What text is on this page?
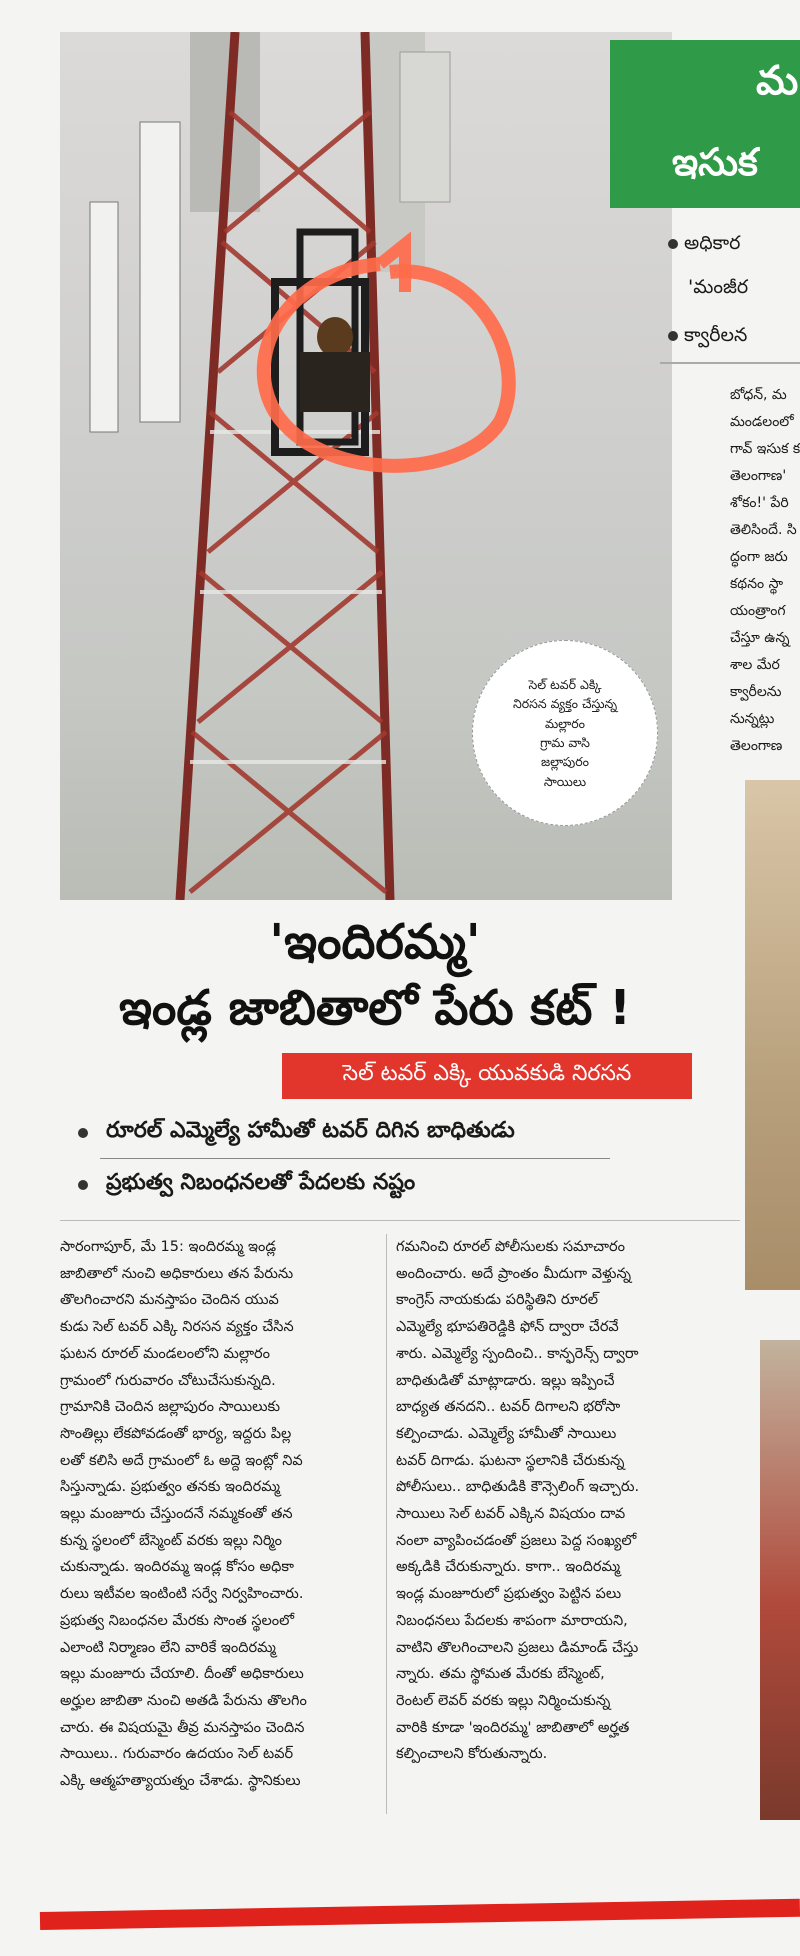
సెల్ టవర్ ఎక్కి
నిరసన వ్యక్తం చేస్తున్న
మల్లారం
గ్రామ వాసి
జల్లాపురం
సాయిలు
మ
ఇసుక
అధికార
'మంజీర
క్వారీలన
బోధన్, మ
మండలంలో
గావ్ ఇసుక క
తెలంగాణ'
శోకం!' పేరి
తెలిసిందే. సి
ద్ధంగా జరు
కథనం స్థా
యంత్రాంగ
చేస్తూ ఉన్న
శాల మేర
క్వారీలను
నున్నట్లు
తెలంగాణ
'ఇందిరమ్మ'
ఇండ్ల జాబితాలో పేరు కట్ !
సెల్ టవర్ ఎక్కి యువకుడి నిరసన
రూరల్ ఎమ్మెల్యే హామీతో టవర్ దిగిన బాధితుడు
ప్రభుత్వ నిబంధనలతో పేదలకు నష్టం
సారంగాపూర్, మే 15: ఇందిరమ్మ ఇండ్ల
జాబితాలో నుంచి అధికారులు తన పేరును
తొలగించారని మనస్తాపం చెందిన యువ
కుడు సెల్ టవర్ ఎక్కి నిరసన వ్యక్తం చేసిన
ఘటన రూరల్ మండలంలోని మల్లారం
గ్రామంలో గురువారం చోటుచేసుకున్నది.
గ్రామానికి చెందిన జల్లాపురం సాయిలుకు
సొంతిల్లు లేకపోవడంతో భార్య, ఇద్దరు పిల్ల
లతో కలిసి అదే గ్రామంలో ఓ అద్దె ఇంట్లో నివ
సిస్తున్నాడు. ప్రభుత్వం తనకు ఇందిరమ్మ
ఇల్లు మంజూరు చేస్తుందనే నమ్మకంతో తన
కున్న స్థలంలో బేస్మెంట్ వరకు ఇల్లు నిర్మిం
చుకున్నాడు. ఇందిరమ్మ ఇండ్ల కోసం అధికా
రులు ఇటీవల ఇంటింటి సర్వే నిర్వహించారు.
ప్రభుత్వ నిబంధనల మేరకు సొంత స్థలంలో
ఎలాంటి నిర్మాణం లేని వారికే ఇందిరమ్మ
ఇల్లు మంజూరు చేయాలి. దీంతో అధికారులు
అర్హుల జాబితా నుంచి అతడి పేరును తొలగిం
చారు. ఈ విషయమై తీవ్ర మనస్తాపం చెందిన
సాయిలు.. గురువారం ఉదయం సెల్ టవర్
ఎక్కి ఆత్మహత్యాయత్నం చేశాడు. స్థానికులు
గమనించి రూరల్ పోలీసులకు సమాచారం
అందించారు. అదే ప్రాంతం మీదుగా వెళ్తున్న
కాంగ్రెస్ నాయకుడు పరిస్థితిని రూరల్
ఎమ్మెల్యే భూపతిరెడ్డికి ఫోన్ ద్వారా చేరవే
శారు. ఎమ్మెల్యే స్పందించి.. కాన్ఫరెన్స్ ద్వారా
బాధితుడితో మాట్లాడారు. ఇల్లు ఇప్పించే
బాధ్యత తనదని.. టవర్ దిగాలని భరోసా
కల్పించాడు. ఎమ్మెల్యే హామీతో సాయిలు
టవర్ దిగాడు. ఘటనా స్థలానికి చేరుకున్న
పోలీసులు.. బాధితుడికి కౌన్సెలింగ్ ఇచ్చారు.
సాయిలు సెల్ టవర్ ఎక్కిన విషయం దావ
నంలా వ్యాపించడంతో ప్రజలు పెద్ద సంఖ్యలో
అక్కడికి చేరుకున్నారు. కాగా.. ఇందిరమ్మ
ఇండ్ల మంజూరులో ప్రభుత్వం పెట్టిన పలు
నిబంధనలు పేదలకు శాపంగా మారాయని,
వాటిని తొలగించాలని ప్రజలు డిమాండ్ చేస్తు
న్నారు. తమ స్థోమత మేరకు బేస్మెంట్,
రెంటల్ లెవర్ వరకు ఇల్లు నిర్మించుకున్న
వారికి కూడా 'ఇందిరమ్మ' జాబితాలో అర్హత
కల్పించాలని కోరుతున్నారు.
